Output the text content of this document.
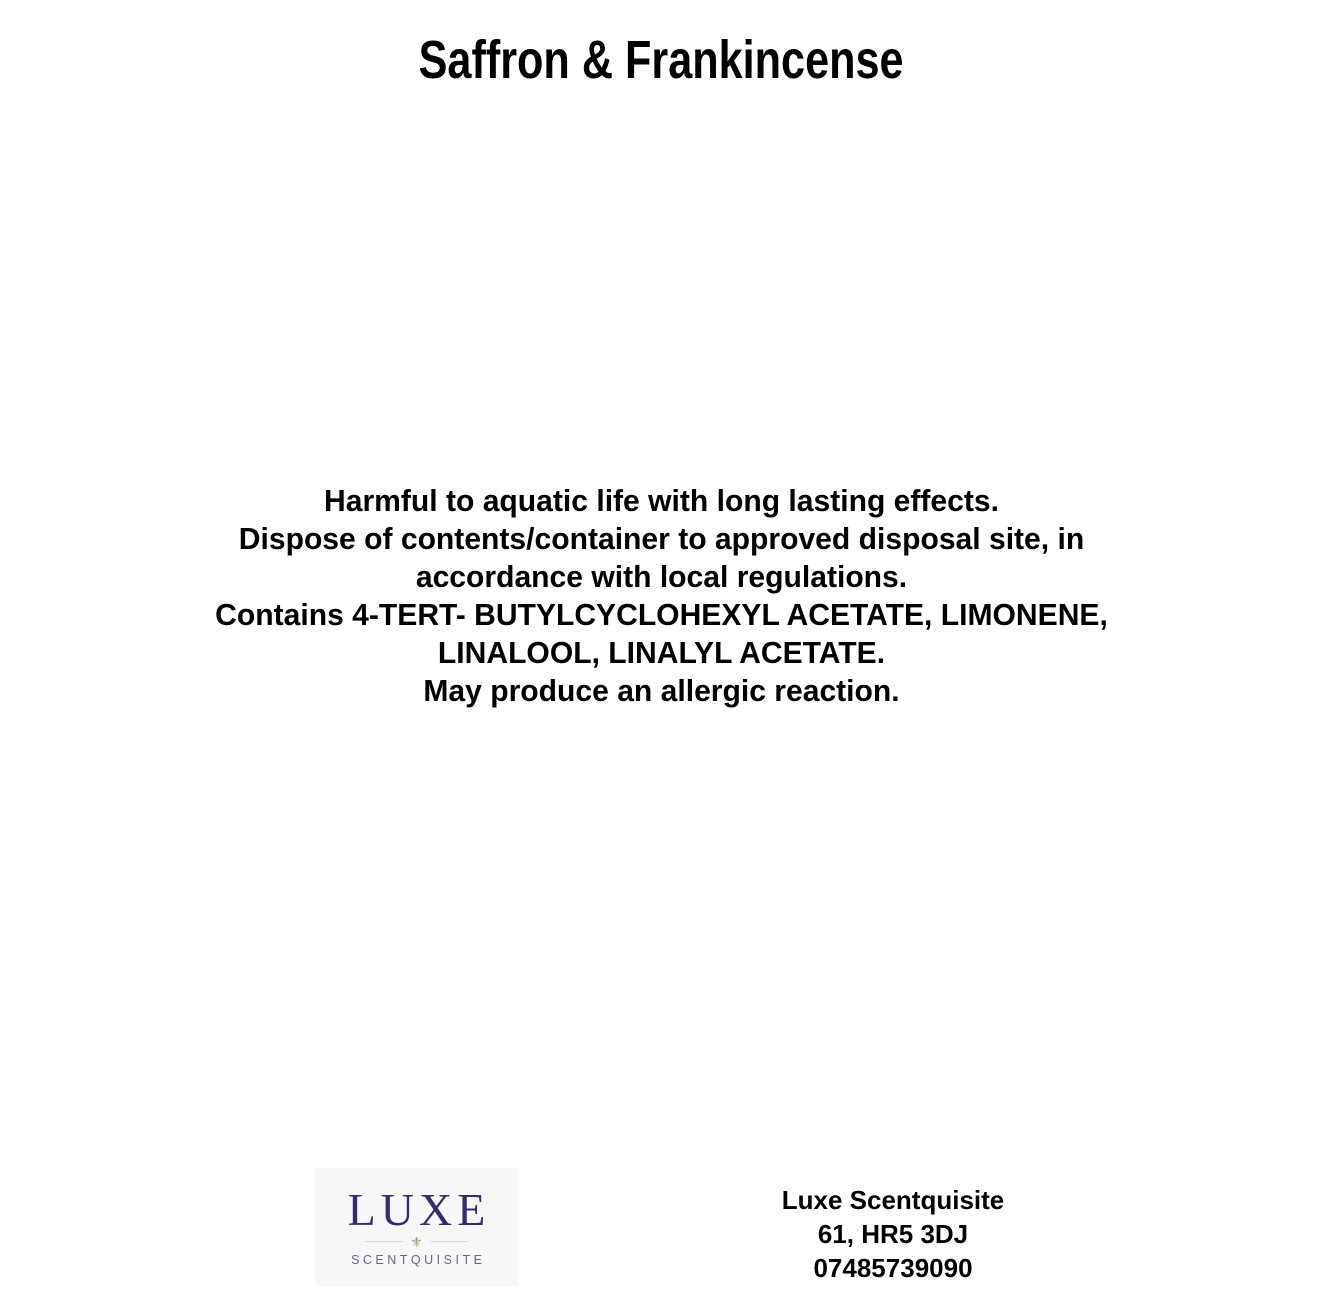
Saffron & Frankincense
Harmful to aquatic life with long lasting effects.
Dispose of contents/container to approved disposal site, in
accordance with local regulations.
Contains 4-TERT- BUTYLCYCLOHEXYL ACETATE, LIMONENE,
LINALOOL, LINALYL ACETATE.
May produce an allergic reaction.
LUXE
⚜
SCENTQUISITE
Luxe Scentquisite
61, HR5 3DJ
07485739090
